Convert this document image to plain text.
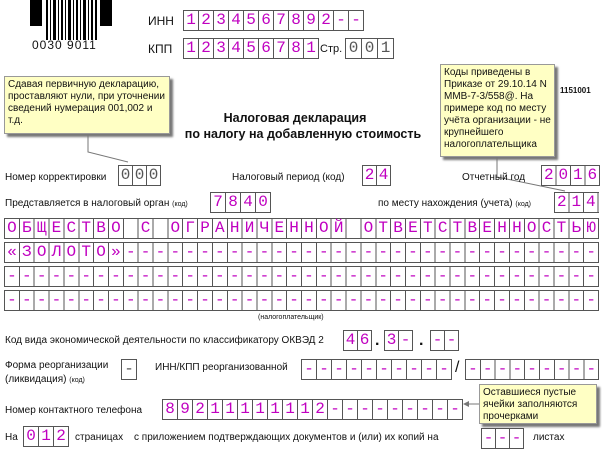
0030 9011
ИНН 1234567892--
КПП 123456781
Стр. 001
1151001
Налоговая декларация
по налогу на добавленную стоимость
Сдавая первичную декларацию, проставляют нули, при уточнении сведений нумерация 001,002 и т.д.
Коды приведены в Приказе от 29.10.14 N ММВ-7-3/558@. На примере код по месту учёта организации - не крупнейшего налогоплательщика
Номер корректировки 000	Налоговый период (код) 24	Отчетный год 2016
Представляется в налоговый орган (код) 7840	по месту нахождения (учета) (код) 214
ОБЩЕСТВО С ОГРАНИЧЕННОЙ ОТВЕТСТВЕННОСТЬЮ
«ЗОЛОТО»--------------------------------
----------------------------------------
----------------------------------------
(налогоплательщик)
Код вида экономической деятельности по классификатору ОКВЭД 2 46 . 3- . --
Форма реорганизации
(ликвидация) (код)
- ИНН/КПП реорганизованной ---------- / ---------
Номер контактного телефона 89211111112---------
Оставшиеся пустые ячейки заполняются прочерками
На 012 страницах с приложением подтверждающих документов и (или) их копий на	--- листах
